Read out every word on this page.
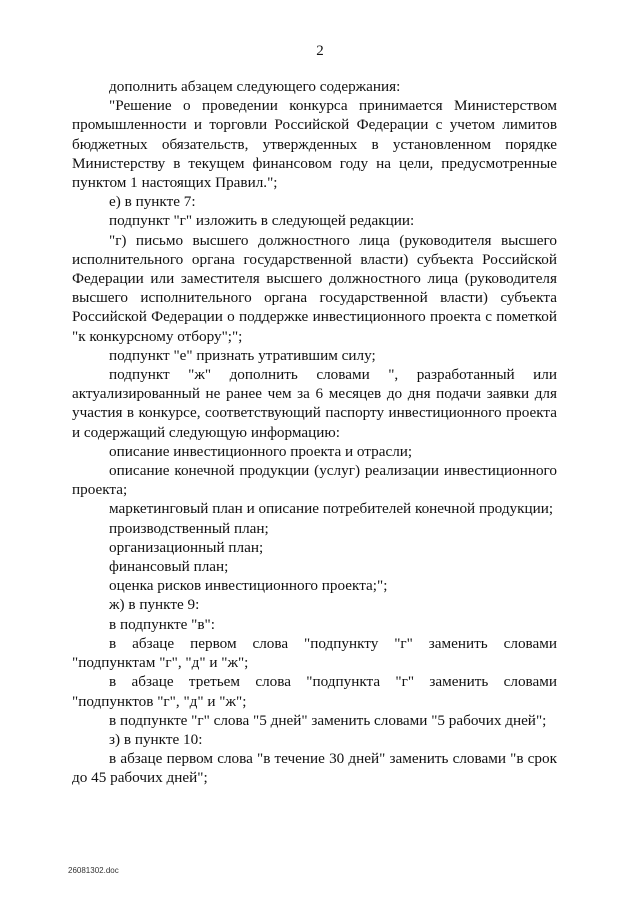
2

дополнить абзацем следующего содержания:

"Решение о проведении конкурса принимается Министерством промышленности и торговли Российской Федерации с учетом лимитов бюджетных обязательств, утвержденных в установленном порядке Министерству в текущем финансовом году на цели, предусмотренные пунктом 1 настоящих Правил.";

е) в пункте 7:

подпункт "г" изложить в следующей редакции:

"г) письмо высшего должностного лица (руководителя высшего исполнительного органа государственной власти) субъекта Российской Федерации или заместителя высшего должностного лица (руководителя высшего исполнительного органа государственной власти) субъекта Российской Федерации о поддержке инвестиционного проекта с пометкой "к конкурсному отбору";";

подпункт "е" признать утратившим силу;

подпункт "ж" дополнить словами ", разработанный или актуализированный не ранее чем за 6 месяцев до дня подачи заявки для участия в конкурсе, соответствующий паспорту инвестиционного проекта и содержащий следующую информацию:

описание инвестиционного проекта и отрасли;

описание конечной продукции (услуг) реализации инвестиционного проекта;

маркетинговый план и описание потребителей конечной продукции;

производственный план;

организационный план;

финансовый план;

оценка рисков инвестиционного проекта;";

ж) в пункте 9:

в подпункте "в":

в абзаце первом слова "подпункту "г" заменить словами "подпунктам "г", "д" и "ж";

в абзаце третьем слова "подпункта "г" заменить словами "подпунктов "г", "д" и "ж";

в подпункте "г" слова "5 дней" заменить словами "5 рабочих дней";

з) в пункте 10:

в абзаце первом слова "в течение 30 дней" заменить словами "в срок до 45 рабочих дней";

26081302.doc
